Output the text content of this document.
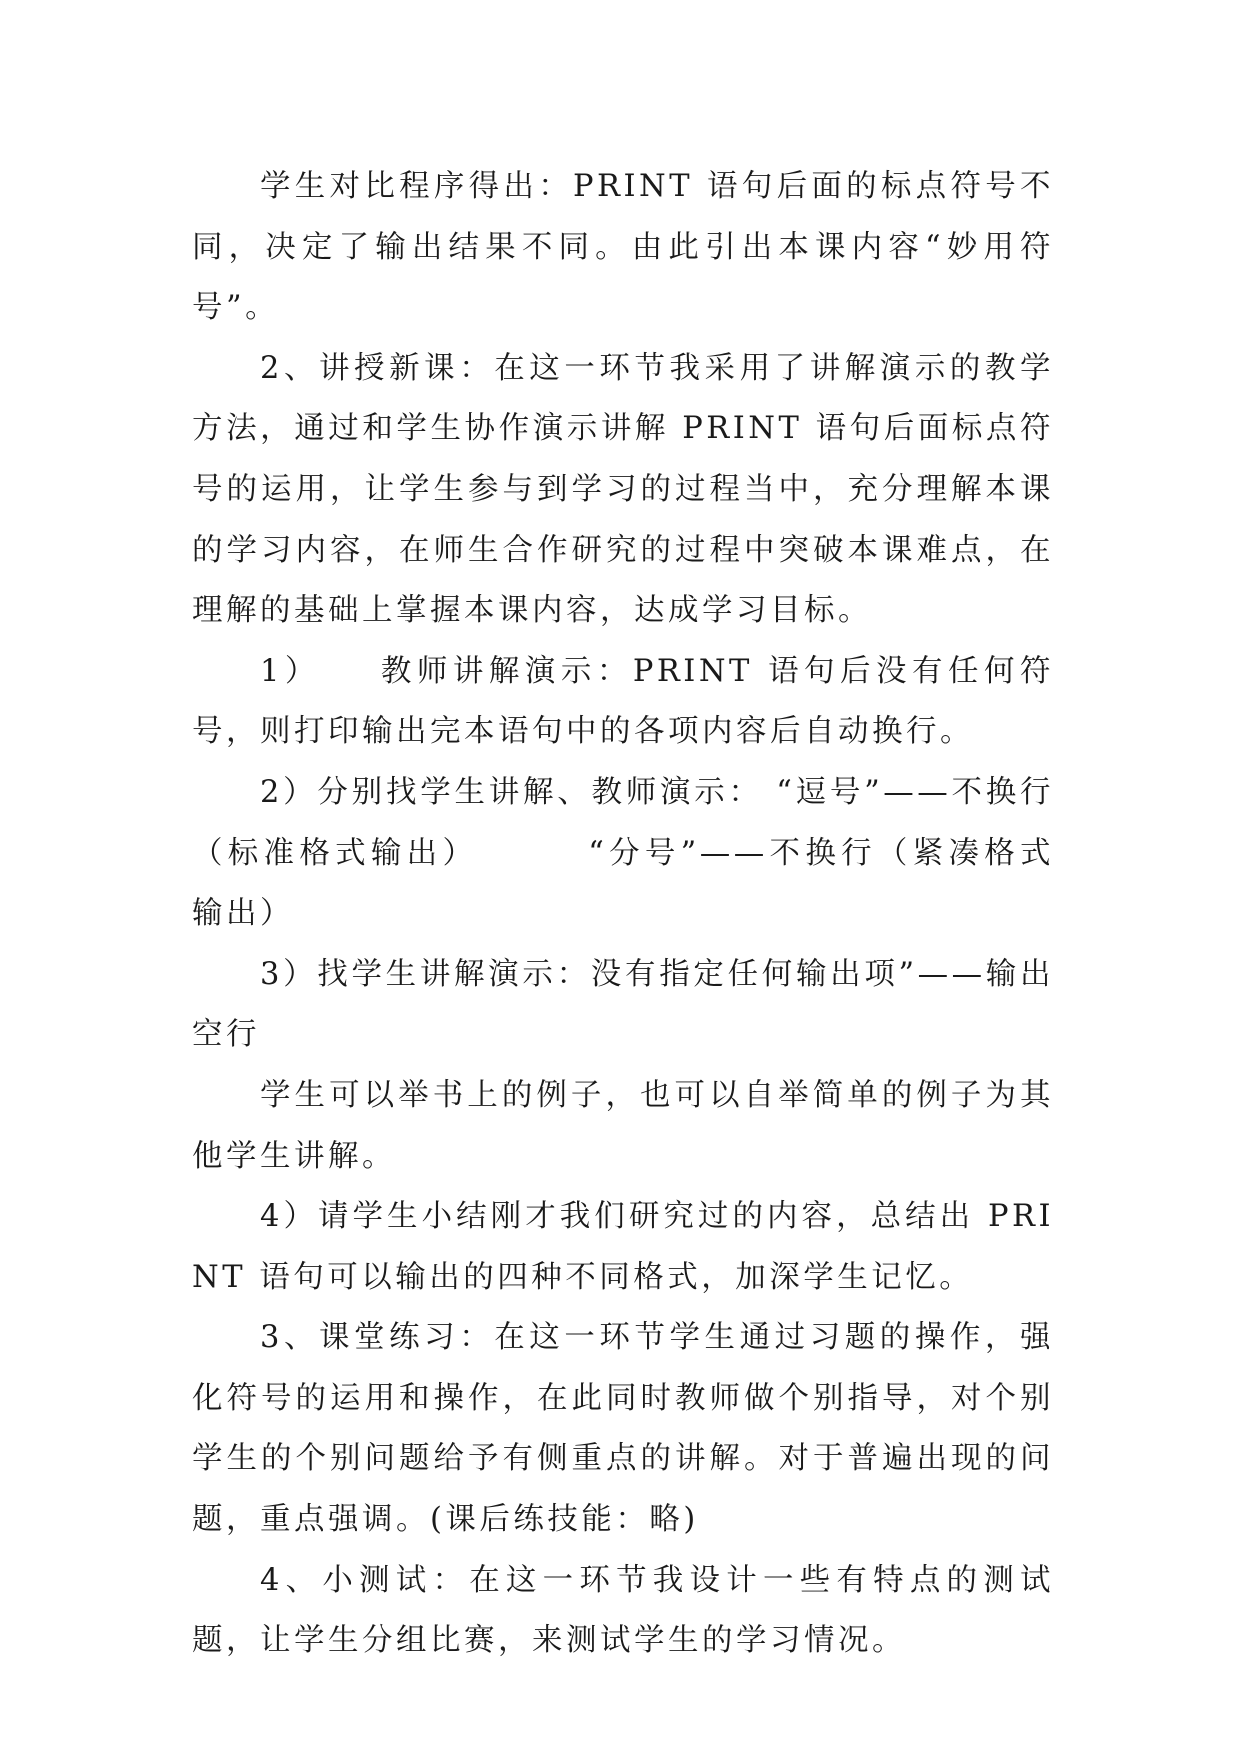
学生对比程序得出：PRINT 语句后面的标点符号不同，决定了输出结果不同。由此引出本课内容“妙用符号”。

2、讲授新课：在这一环节我采用了讲解演示的教学方法，通过和学生协作演示讲解 PRINT 语句后面标点符号的运用，让学生参与到学习的过程当中，充分理解本课的学习内容，在师生合作研究的过程中突破本课难点，在理解的基础上掌握本课内容，达成学习目标。

1） 教师讲解演示：PRINT 语句后没有任何符号，则打印输出完本语句中的各项内容后自动换行。

2）分别找学生讲解、教师演示： “逗号”——不换行（标准格式输出）	“分号”——不换行（紧凑格式输出）

3）找学生讲解演示：没有指定任何输出项”——输出空行

学生可以举书上的例子，也可以自举简单的例子为其他学生讲解。

4）请学生小结刚才我们研究过的内容，总结出 PRINT 语句可以输出的四种不同格式，加深学生记忆。

3、课堂练习：在这一环节学生通过习题的操作，强化符号的运用和操作，在此同时教师做个别指导，对个别学生的个别问题给予有侧重点的讲解。对于普遍出现的问题，重点强调。(课后练技能：略)

4、小测试：在这一环节我设计一些有特点的测试题，让学生分组比赛，来测试学生的学习情况。
